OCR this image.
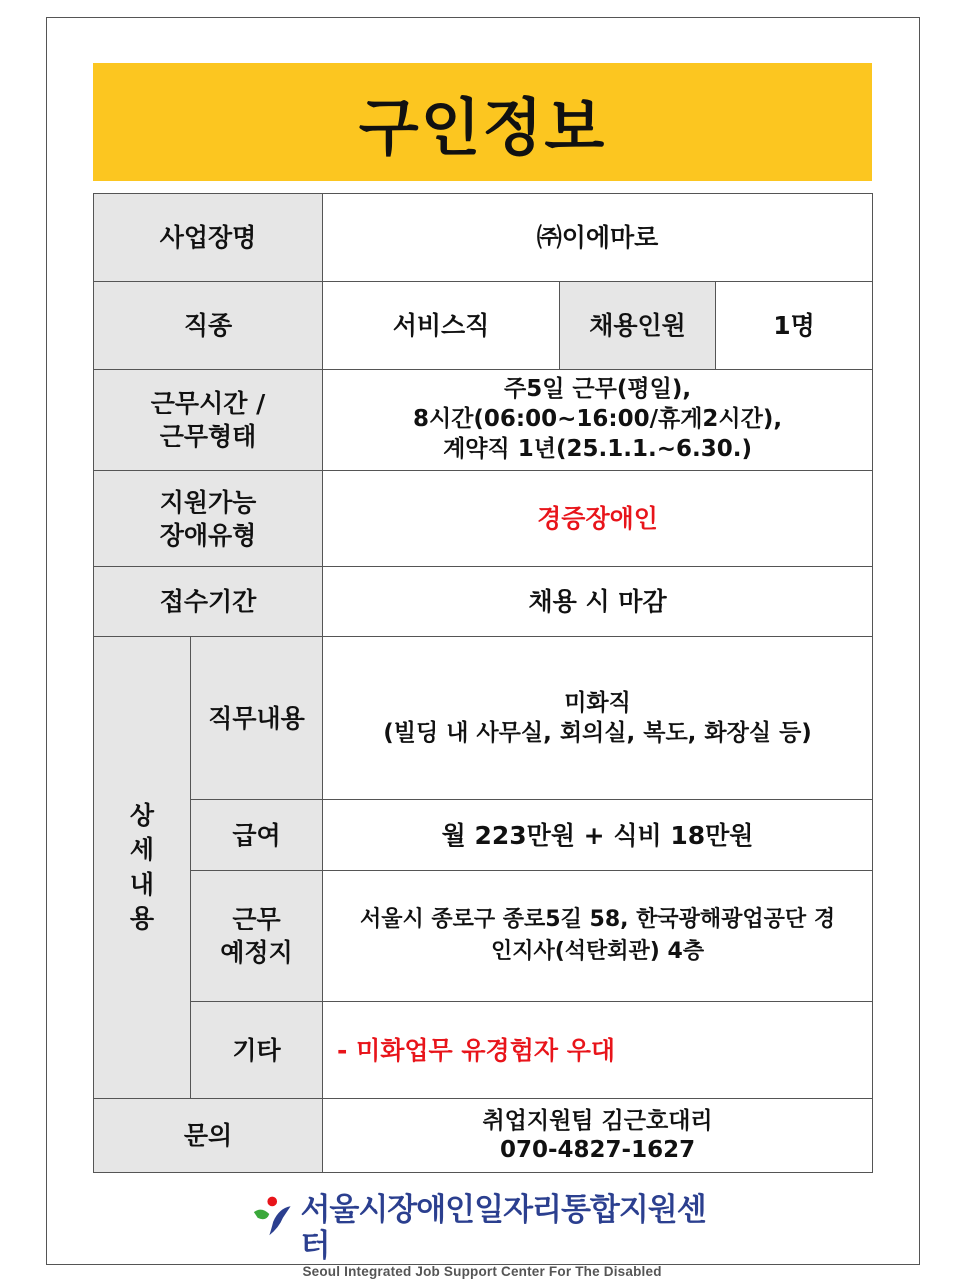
구인정보
사업장명		㈜이에마로		
직종		서비스직	채용인원	1명

근무시간 /
근무형태		주5일 근무(평일),
8시간(06:00~16:00/휴게2시간),
계약직 1년(25.1.1.~6.30.)		

지원가능
장애유형		경증장애인		
접수기간		채용 시 마감		

상
세
내
용	직무내용	미화직
(빌딩 내 사무실, 회의실, 복도, 화장실 등)		

	급여	월 223만원 + 식비 18만원		

	근무
예정지	서울시 종로구 종로5길 58, 한국광해광업공단 경
인지사(석탄회관) 4층		

	기타	- 미화업무 유경험자 우대		
문의		취업지원팀 김근호대리
070-4827-1627		
서울시장애인일자리통합지원센터
Seoul Integrated Job Support Center For The Disabled
